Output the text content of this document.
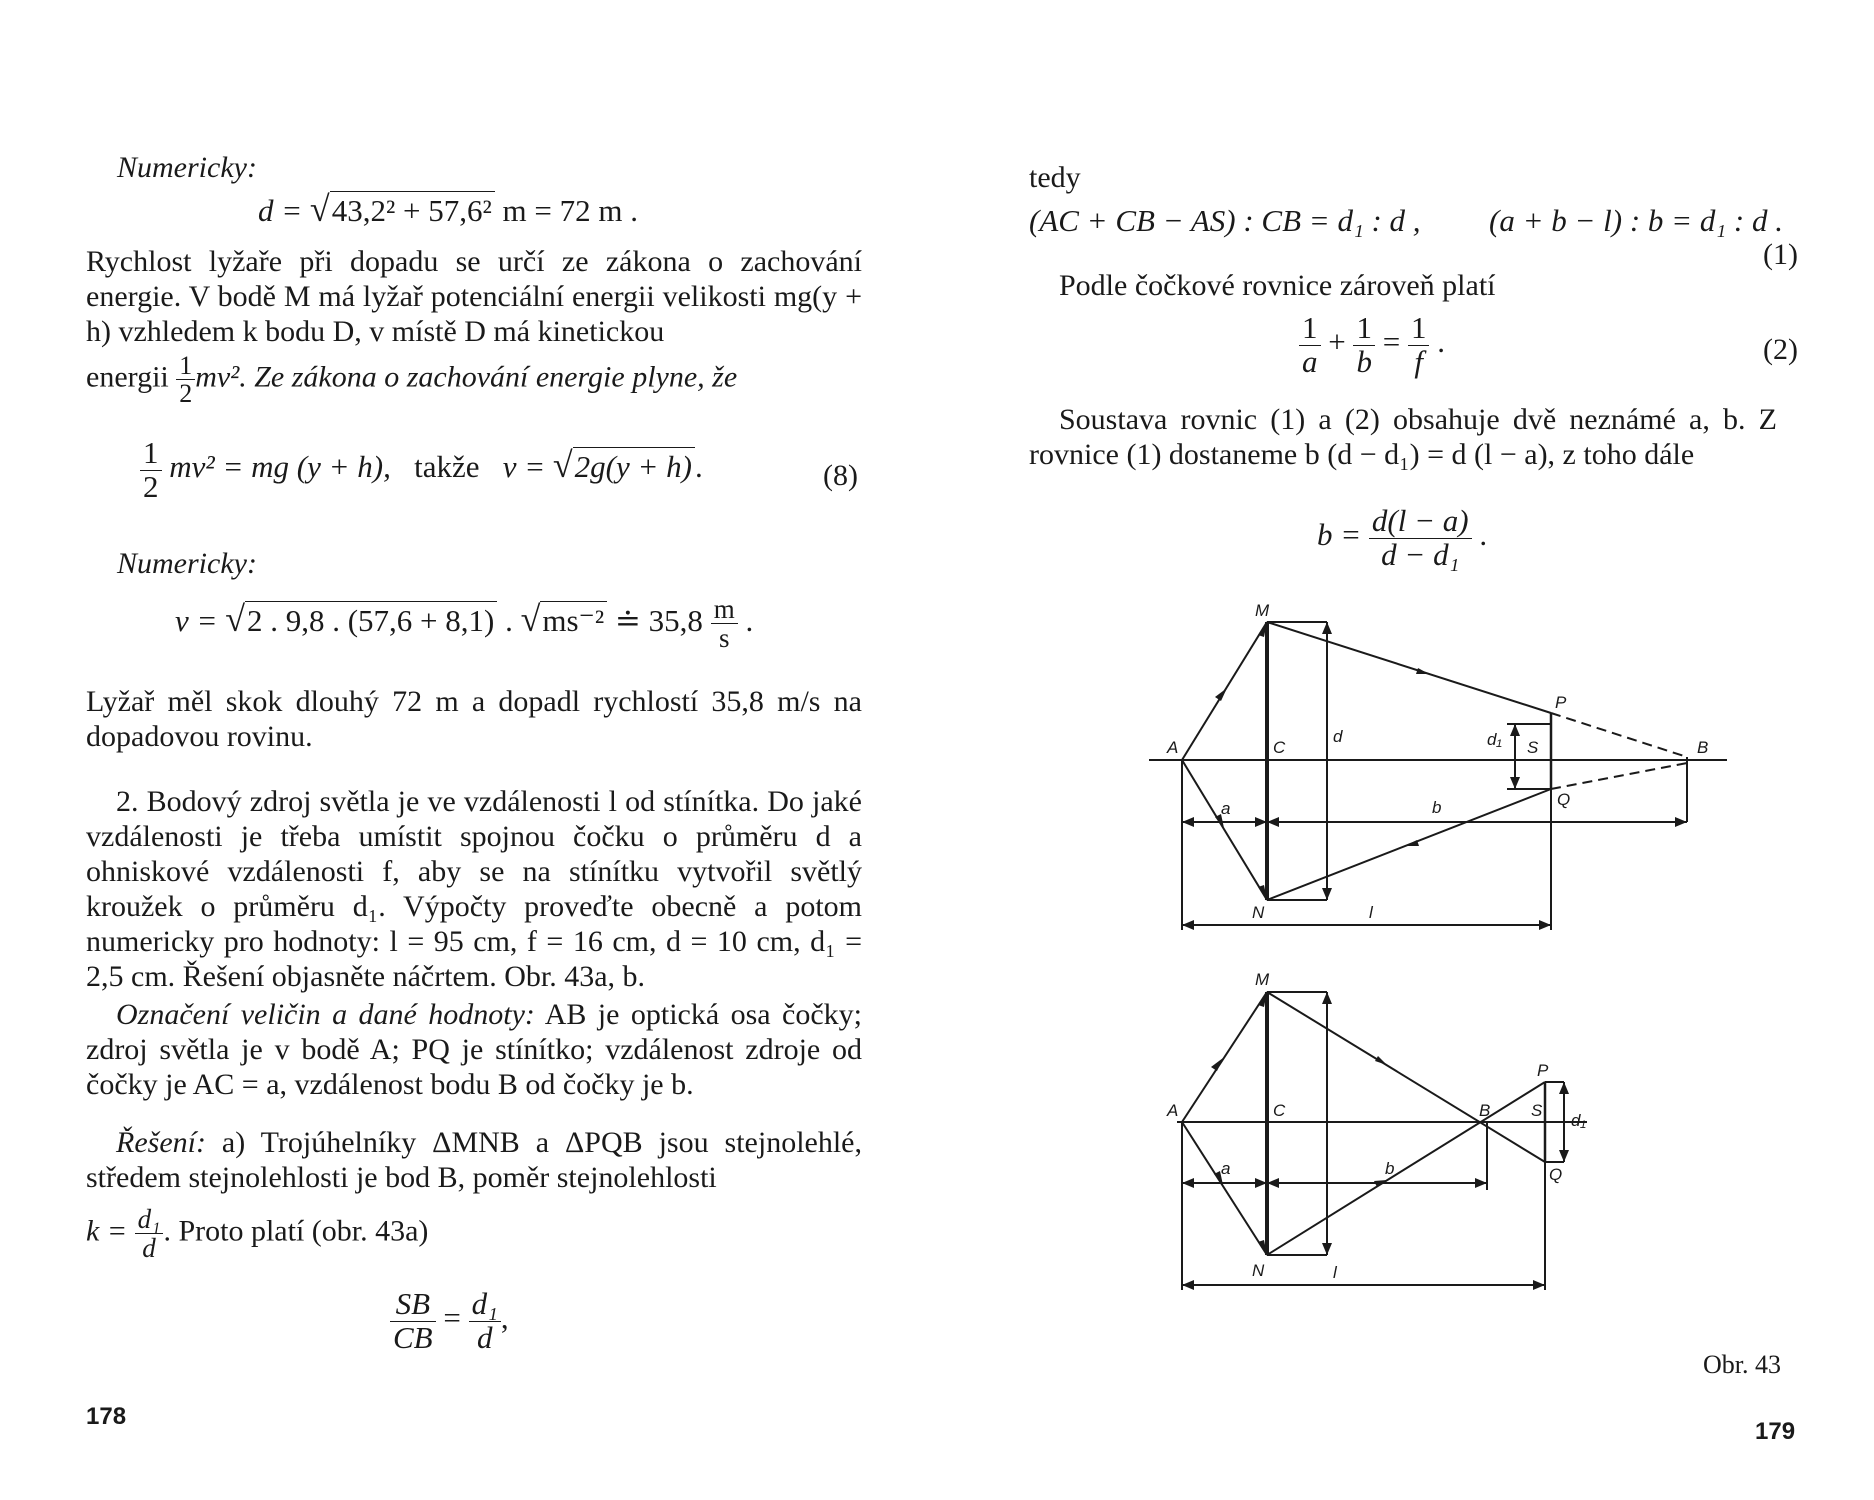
Numericky:
d = √43,2² + 57,6² m = 72 m .
Rychlost lyžaře při dopadu se určí ze zákona o zachování energie. V bodě M má lyžař potenciální energii velikosti mg(y + h) vzhledem k bodu D, v místě D má kinetickou
energii $\frac{1}{2} mv^2$. Ze zákona o zachování energie plyne, že
$\frac{1}{2} mv^2$ = mg (y + h), takže v = √2g(y + h).	(8)
Numericky:
v = √2 . 9,8 . (57,6 + 8,1) . √ms⁻² ≐ $35,8 \frac{m}{s}$ .
Lyžař měl skok dlouhý 72 m a dopadl rychlostí 35,8 m/s na dopadovou rovinu.
2. Bodový zdroj světla je ve vzdálenosti l od stínítka. Do jaké vzdálenosti je třeba umístit spojnou čočku o průměru d a ohniskové vzdálenosti f, aby se na stínítku vytvořil světlý kroužek o průměru d₁. Výpočty proveďte obecně a potom numericky pro hodnoty: l = 95 cm, f = 16 cm, d = 10 cm, d₁ = 2,5 cm. Řešení objasněte náčrtem. Obr. 43a, b.
Označení veličin a dané hodnoty: AB je optická osa čočky; zdroj světla je v bodě A; PQ je stínítko; vzdálenost zdroje od čočky je AC = a, vzdálenost bodu B od čočky je b.
Řešení: a) Trojúhelníky ΔMNB a ΔPQB jsou stejnolehlé, středem stejnolehlosti je bod B, poměr stejnolehlosti
$k = \frac{\text{d₁}}{d}$ . Proto platí (obr. 43a)
$\frac{SB}{CB} = \frac{\text{d₁}}{d}$ ,
178
tedy
(AC + CB − AS) : CB = d₁ : d , (a + b − l) : b = d₁ : d .
(1)
Podle čočkové rovnice zároveň platí
$\frac{1}{a} + \frac{1}{b} = \frac{1}{f}$ .	(2)
Soustava rovnic (1) a (2) obsahuje dvě neznámé a, b. Z rovnice (1) dostaneme b (d − d₁) = d (l − a), z toho dále
$b = \frac{d(l - a)}{\text{d − d₁}}$ .
M
A	C
d	d₁ S
P
B
Q
a	b
N	l
M
A	C	B
P
S
d₁
Q
a	b
N	l
Obr. 43
179
